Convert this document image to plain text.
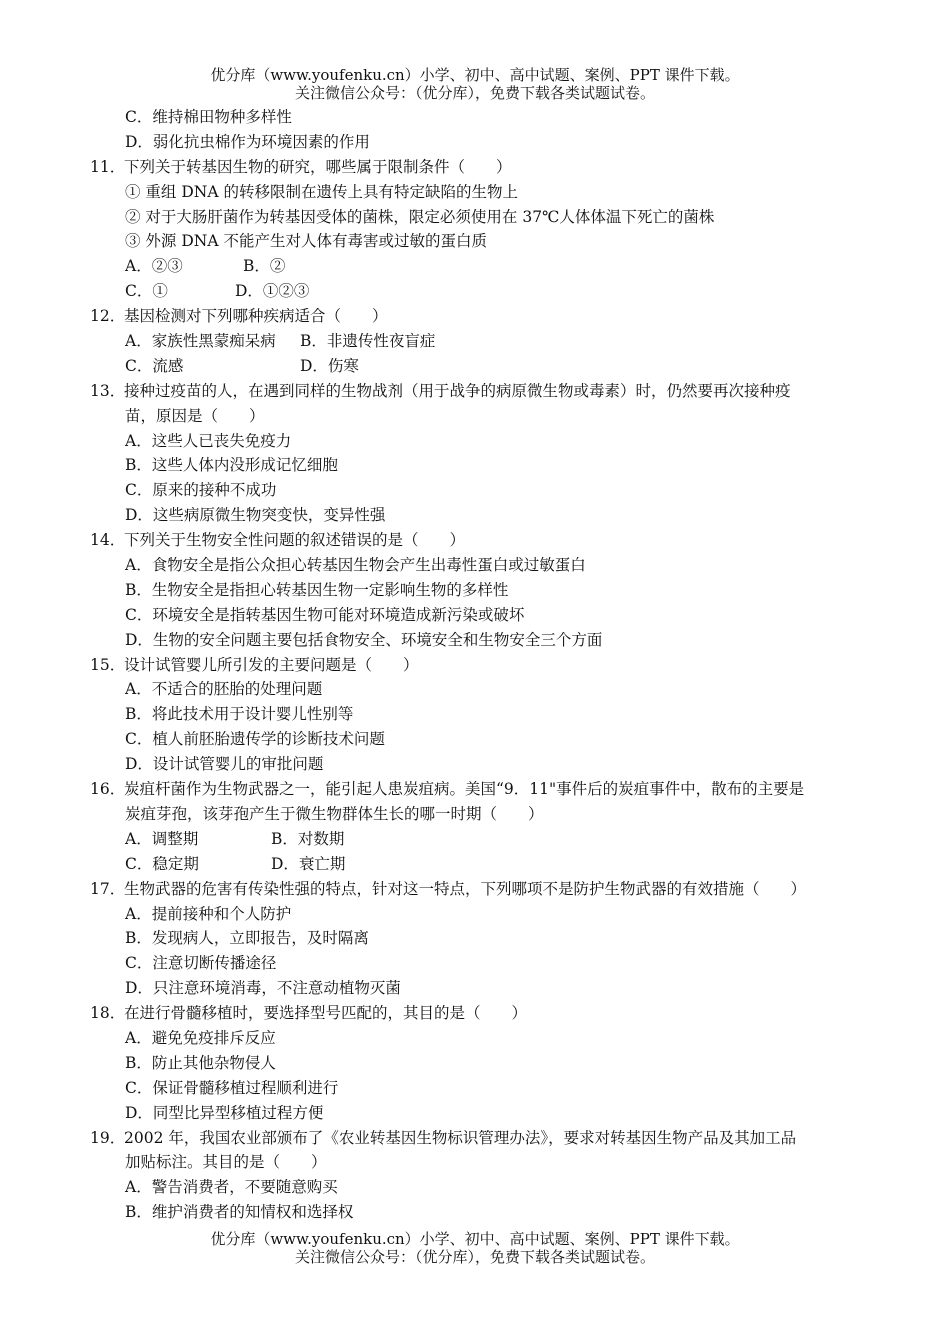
优分库（www.youfenku.cn）小学、初中、高中试题、案例、PPT 课件下载。
关注微信公众号：（优分库），免费下载各类试题试卷。
C．维持棉田物种多样性
D．弱化抗虫棉作为环境因素的作用
11．下列关于转基因生物的研究，哪些属于限制条件（　　）
① 重组 DNA 的转移限制在遗传上具有特定缺陷的生物上
② 对于大肠肝菌作为转基因受体的菌株，限定必须使用在 37℃人体体温下死亡的菌株
③ 外源 DNA 不能产生对人体有毒害或过敏的蛋白质
A．②③	B．②
C．①	D．①②③
12．基因检测对下列哪种疾病适合（　　）
A．家族性黑蒙痴呆病 B．非遗传性夜盲症
C．流感	D．伤寒
13．接种过疫苗的人，在遇到同样的生物战剂（用于战争的病原微生物或毒素）时，仍然要再次接种疫
苗，原因是（　　）
A．这些人已丧失免疫力
B．这些人体内没形成记忆细胞
C．原来的接种不成功
D．这些病原微生物突变快，变异性强
14．下列关于生物安全性问题的叙述错误的是（　　）
A．食物安全是指公众担心转基因生物会产生出毒性蛋白或过敏蛋白
B．生物安全是指担心转基因生物一定影响生物的多样性
C．环境安全是指转基因生物可能对环境造成新污染或破坏
D．生物的安全问题主要包括食物安全、环境安全和生物安全三个方面
15．设计试管婴儿所引发的主要问题是（　　）
A．不适合的胚胎的处理问题
B．将此技术用于设计婴儿性别等
C．植人前胚胎遗传学的诊断技术问题
D．设计试管婴儿的审批问题
16．炭疽杆菌作为生物武器之一，能引起人患炭疽病。美国“9．11"事件后的炭疽事件中，散布的主要是
炭疽芽孢，该芽孢产生于微生物群体生长的哪一时期（　　）
A．调整期	B．对数期
C．稳定期	D．衰亡期
17．生物武器的危害有传染性强的特点，针对这一特点，下列哪项不是防护生物武器的有效措施（　　）
A．提前接种和个人防护
B．发现病人，立即报告，及时隔离
C．注意切断传播途径
D．只注意环境消毒，不注意动植物灭菌
18．在进行骨髓移植时，要选择型号匹配的，其目的是（　　）
A．避免免疫排斥反应
B．防止其他杂物侵人
C．保证骨髓移植过程顺利进行
D．同型比异型移植过程方便
19．2002 年，我国农业部颁布了《农业转基因生物标识管理办法》，要求对转基因生物产品及其加工品
加贴标注。其目的是（　　）
A．警告消费者，不要随意购买
B．维护消费者的知情权和选择权
优分库（www.youfenku.cn）小学、初中、高中试题、案例、PPT 课件下载。
关注微信公众号：（优分库），免费下载各类试题试卷。
